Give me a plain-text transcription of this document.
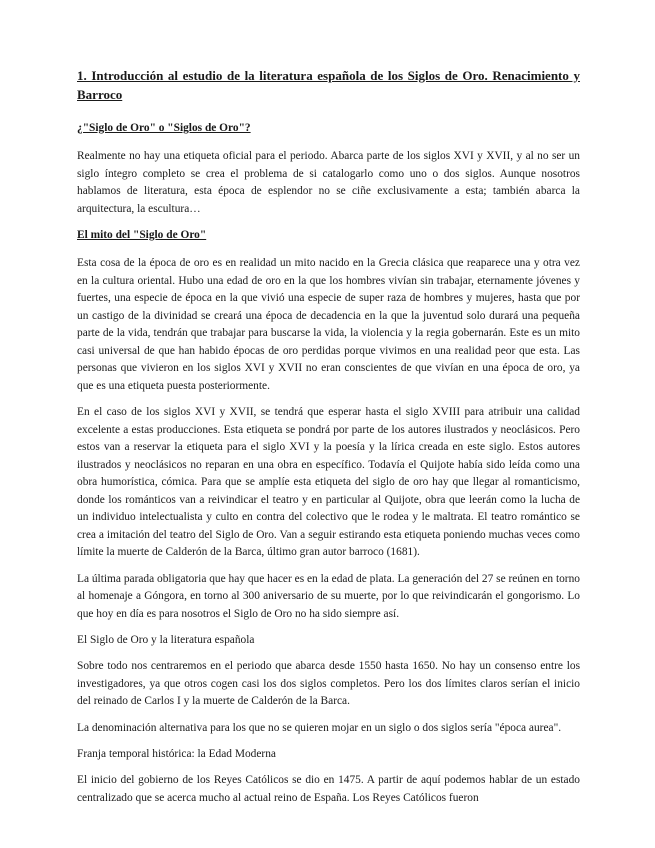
1. Introducción al estudio de la literatura española de los Siglos de Oro. Renacimiento y Barroco
¿"Siglo de Oro" o "Siglos de Oro"?

Realmente no hay una etiqueta oficial para el periodo. Abarca parte de los siglos XVI y XVII, y al no ser un siglo íntegro completo se crea el problema de si catalogarlo como uno o dos siglos. Aunque nosotros hablamos de literatura, esta época de esplendor no se ciñe exclusivamente a esta; también abarca la arquitectura, la escultura…

El mito del "Siglo de Oro"

Esta cosa de la época de oro es en realidad un mito nacido en la Grecia clásica que reaparece una y otra vez en la cultura oriental. Hubo una edad de oro en la que los hombres vivían sin trabajar, eternamente jóvenes y fuertes, una especie de época en la que vivió una especie de super raza de hombres y mujeres, hasta que por un castigo de la divinidad se creará una época de decadencia en la que la juventud solo durará una pequeña parte de la vida, tendrán que trabajar para buscarse la vida, la violencia y la regia gobernarán. Este es un mito casi universal de que han habido épocas de oro perdidas porque vivimos en una realidad peor que esta. Las personas que vivieron en los siglos XVI y XVII no eran conscientes de que vivían en una época de oro, ya que es una etiqueta puesta posteriormente.

En el caso de los siglos XVI y XVII, se tendrá que esperar hasta el siglo XVIII para atribuir una calidad excelente a estas producciones. Esta etiqueta se pondrá por parte de los autores ilustrados y neoclásicos. Pero estos van a reservar la etiqueta para el siglo XVI y la poesía y la lírica creada en este siglo. Estos autores ilustrados y neoclásicos no reparan en una obra en específico. Todavía el Quijote había sido leída como una obra humorística, cómica. Para que se amplíe esta etiqueta del siglo de oro hay que llegar al romanticismo, donde los románticos van a reivindicar el teatro y en particular al Quijote, obra que leerán como la lucha de un individuo intelectualista y culto en contra del colectivo que le rodea y le maltrata. El teatro romántico se crea a imitación del teatro del Siglo de Oro. Van a seguir estirando esta etiqueta poniendo muchas veces como límite la muerte de Calderón de la Barca, último gran autor barroco (1681).

La última parada obligatoria que hay que hacer es en la edad de plata. La generación del 27 se reúnen en torno al homenaje a Góngora, en torno al 300 aniversario de su muerte, por lo que reivindicarán el gongorismo. Lo que hoy en día es para nosotros el Siglo de Oro no ha sido siempre así.

El Siglo de Oro y la literatura española

Sobre todo nos centraremos en el periodo que abarca desde 1550 hasta 1650. No hay un consenso entre los investigadores, ya que otros cogen casi los dos siglos completos. Pero los dos límites claros serían el inicio del reinado de Carlos I y la muerte de Calderón de la Barca.

La denominación alternativa para los que no se quieren mojar en un siglo o dos siglos sería "época aurea".

Franja temporal histórica: la Edad Moderna

El inicio del gobierno de los Reyes Católicos se dio en 1475. A partir de aquí podemos hablar de un estado centralizado que se acerca mucho al actual reino de España. Los Reyes Católicos fueron
